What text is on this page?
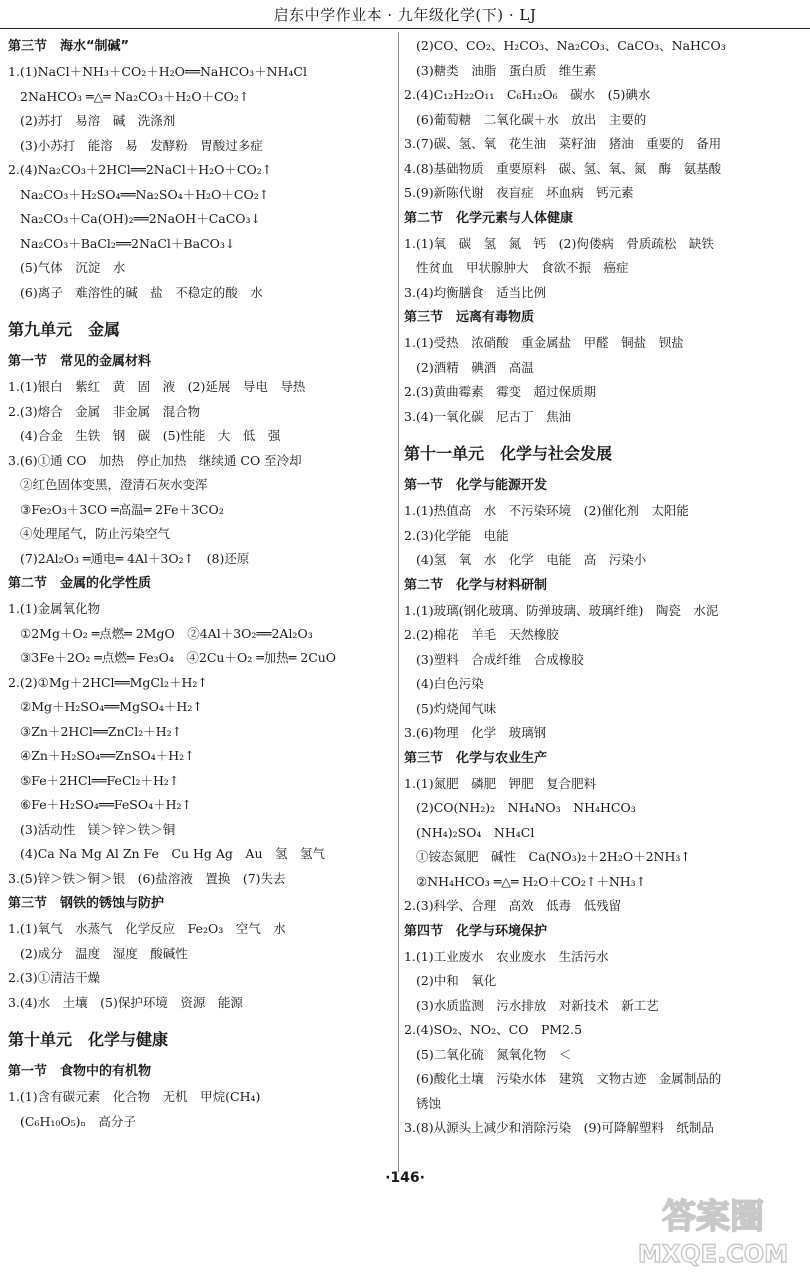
启东中学作业本 · 九年级化学(下) · LJ
第三节　海水“制碱”
1.(1)NaCl＋NH₃＋CO₂＋H₂O══NaHCO₃＋NH₄Cl
2NaHCO₃ ═△═ Na₂CO₃＋H₂O＋CO₂↑
(2)苏打　易溶　碱　洗涤剂
(3)小苏打　能溶　易　发酵粉　胃酸过多症
2.(4)Na₂CO₃＋2HCl══2NaCl＋H₂O＋CO₂↑
Na₂CO₃＋H₂SO₄══Na₂SO₄＋H₂O＋CO₂↑
Na₂CO₃＋Ca(OH)₂══2NaOH＋CaCO₃↓
Na₂CO₃＋BaCl₂══2NaCl＋BaCO₃↓
(5)气体　沉淀　水
(6)离子　难溶性的碱　盐　不稳定的酸　水
第九单元　金属
第一节　常见的金属材料
1.(1)银白　紫红　黄　固　液　(2)延展　导电　导热
2.(3)熔合　金属　非金属　混合物
(4)合金　生铁　钢　碳　(5)性能　大　低　强
3.(6)①通 CO　加热　停止加热　继续通 CO 至冷却
②红色固体变黑，澄清石灰水变浑
③Fe₂O₃＋3CO ═高温═ 2Fe＋3CO₂
④处理尾气，防止污染空气
(7)2Al₂O₃ ═通电═ 4Al＋3O₂↑　(8)还原
第二节　金属的化学性质
1.(1)金属氧化物
①2Mg＋O₂ ═点燃═ 2MgO　②4Al＋3O₂══2Al₂O₃
③3Fe＋2O₂ ═点燃═ Fe₃O₄　④2Cu＋O₂ ═加热═ 2CuO
2.(2)①Mg＋2HCl══MgCl₂＋H₂↑
②Mg＋H₂SO₄══MgSO₄＋H₂↑
③Zn＋2HCl══ZnCl₂＋H₂↑
④Zn＋H₂SO₄══ZnSO₄＋H₂↑
⑤Fe＋2HCl══FeCl₂＋H₂↑
⑥Fe＋H₂SO₄══FeSO₄＋H₂↑
(3)活动性　镁＞锌＞铁＞铜
(4)Ca Na Mg Al Zn Fe　Cu Hg Ag　Au　氢　氢气
3.(5)锌＞铁＞铜＞银　(6)盐溶液　置换　(7)失去
第三节　钢铁的锈蚀与防护
1.(1)氧气　水蒸气　化学反应　Fe₂O₃　空气　水
(2)成分　温度　湿度　酸碱性
2.(3)①清洁干燥
3.(4)水　土壤　(5)保护环境　资源　能源
第十单元　化学与健康
第一节　食物中的有机物
1.(1)含有碳元素　化合物　无机　甲烷(CH₄)
(C₆H₁₀O₅)ₙ　高分子
(2)CO、CO₂、H₂CO₃、Na₂CO₃、CaCO₃、NaHCO₃
(3)糖类　油脂　蛋白质　维生素
2.(4)C₁₂H₂₂O₁₁　C₆H₁₂O₆　碳水　(5)碘水
(6)葡萄糖　二氧化碳＋水　放出　主要的
3.(7)碳、氢、氧　花生油　菜籽油　猪油　重要的　备用
4.(8)基础物质　重要原料　碳、氢、氧、氮　酶　氨基酸
5.(9)新陈代谢　夜盲症　坏血病　钙元素
第二节　化学元素与人体健康
1.(1)氧　碳　氢　氮　钙　(2)佝偻病　骨质疏松　缺铁
性贫血　甲状腺肿大　食欲不振　癌症
3.(4)均衡膳食　适当比例
第三节　远离有毒物质
1.(1)受热　浓硝酸　重金属盐　甲醛　铜盐　钡盐
(2)酒精　碘酒　高温
2.(3)黄曲霉素　霉变　超过保质期
3.(4)一氧化碳　尼古丁　焦油
第十一单元　化学与社会发展
第一节　化学与能源开发
1.(1)热值高　水　不污染环境　(2)催化剂　太阳能
2.(3)化学能　电能
(4)氢　氧　水　化学　电能　高　污染小
第二节　化学与材料研制
1.(1)玻璃(钢化玻璃、防弹玻璃、玻璃纤维)　陶瓷　水泥
2.(2)棉花　羊毛　天然橡胶
(3)塑料　合成纤维　合成橡胶
(4)白色污染
(5)灼烧闻气味
3.(6)物理　化学　玻璃钢
第三节　化学与农业生产
1.(1)氮肥　磷肥　钾肥　复合肥料
(2)CO(NH₂)₂　NH₄NO₃　NH₄HCO₃
(NH₄)₂SO₄　NH₄Cl
①铵态氮肥　碱性　Ca(NO₃)₂＋2H₂O＋2NH₃↑
②NH₄HCO₃ ═△═ H₂O＋CO₂↑＋NH₃↑
2.(3)科学、合理　高效　低毒　低残留
第四节　化学与环境保护
1.(1)工业废水　农业废水　生活污水
(2)中和　氧化
(3)水质监测　污水排放　对新技术　新工艺
2.(4)SO₂、NO₂、CO　PM2.5
(5)二氧化硫　氮氧化物　＜
(6)酸化土壤　污染水体　建筑　文物古迹　金属制品的
锈蚀
3.(8)从源头上减少和消除污染　(9)可降解塑料　纸制品
·146·
答案圈
MXQE.COM
